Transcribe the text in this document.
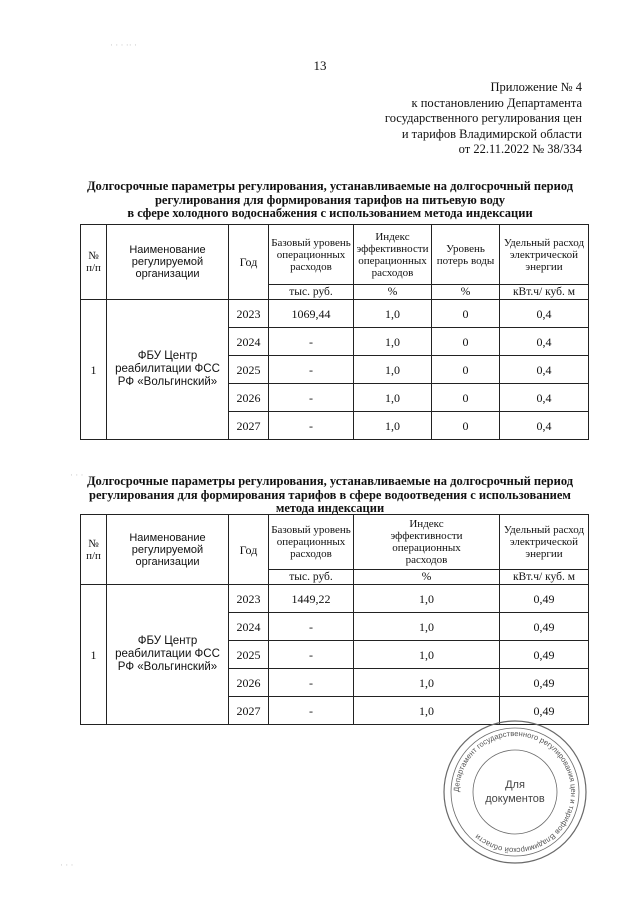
13
Приложение № 4
к постановлению Департамента
государственного регулирования цен
и тарифов Владимирской области
от 22.11.2022 № 38/334
Долгосрочные параметры регулирования, устанавливаемые на долгосрочный период
регулирования для формирования тарифов на питьевую воду
в сфере холодного водоснабжения с использованием метода индексации
№ п/п	Наименование регулируемой организации	Год	Базовый уровень операционных расходов	Индекс эффективности операционных расходов	Уровень потерь воды	Удельный расход электрической энергии
			тыс. руб.	%	%	кВт.ч/ куб. м
1	ФБУ Центр реабилитации ФСС РФ «Вольгинский»	2023	1069,44	1,0	0	0,4
		2024	-	1,0	0	0,4
		2025	-	1,0	0	0,4
		2026	-	1,0	0	0,4
		2027	-	1,0	0	0,4
Долгосрочные параметры регулирования, устанавливаемые на долгосрочный период
регулирования для формирования тарифов в сфере водоотведения с использованием
метода индексации
№ п/п	Наименование регулируемой организации	Год	Базовый уровень операционных расходов	Индекс эффективности операционных расходов	Удельный расход электрической энергии
			тыс. руб.	%	кВт.ч/ куб. м
1	ФБУ Центр реабилитации ФСС РФ «Вольгинский»	2023	1449,22	1,0	0,49
		2024	-	1,0	0,49
		2025	-	1,0	0,49
		2026	-	1,0	0,49
		2027	-	1,0	0,49
· · · ·· ·
· · ·
· · ·
Департамент государственного регулирования цен и тарифов Владимирской области
Для
документов
